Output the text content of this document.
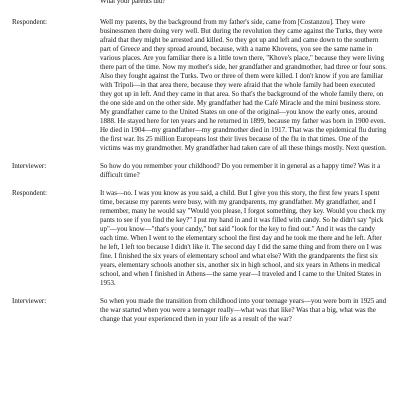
What your parents did?

Respondent:	Well my parents, by the background from my father's side, came from [Costanzou]. They were businessmen there doing very well. But during the revolution they came against the Turks, they were afraid that they might be arrested and killed. So they got up and left and came down to the southern part of Greece and they spread around, because, with a name Khovens, you see the same name in various places. Are you familiar there is a little town there, "Khove's place," because they were living there part of the time. Now my mother's side, her grandfather and grandmother, had three or four sons. Also they fought against the Turks. Two or three of them were killed. I don't know if you are familiar with Tripoli—in that area there, because they were afraid that the whole family had been executed they got up in left. And they came in that area. So that's the background of the whole family there, on the one side and on the other side. My grandfather had the Café Miracle and the mini business store. My grandfather came to the United States on one of the original—you know the early ones, around 1888. He stayed here for ten years and he returned in 1899, because my father was born in 1900 even. He died in 1904—my grandfather—my grandmother died in 1917. That was the epidemical flu during the first war. Its 25 million Europeans lost their lives because of the flu in that times. One of the victims was my grandmother. My grandfather had taken care of all these things mostly. Next question.

Interviewer:	So how do you remember your childhood? Do you remember it in general as a happy time? Was it a difficult time?

Respondent:	It was—no. I was you know as you said, a child. But I give you this story, the first few years I spent time, because my parents were busy, with my grandparents, my grandfather. My grandfather, and I remember, many he would say "Would you please, I forgot something, they key. Would you check my pants to see if you find the key?" I put my hand in and it was filled with candy. So he didn't say "pick up"—you know—"that's your candy," but said "look for the key to find out." And it was the candy each time. When I went to the elementary school the first day and he took me there and he left. After he left, I left too because I didn't like it. The second day I did the same thing and from there on I was fine. I finished the six years of elementary school and what else? With the grandparents the first six years, elementary schools another six, another six in high school, and six years in Athens in medical school, and when I finished in Athens—the same year—I traveled and I came to the United States in 1953.

Interviewer:	So when you made the transition from childhood into your teenage years—you were born in 1925 and the war started when you were a teenager really—what was that like? Was that a big, what was the change that your experienced then in your life as a result of the war?
